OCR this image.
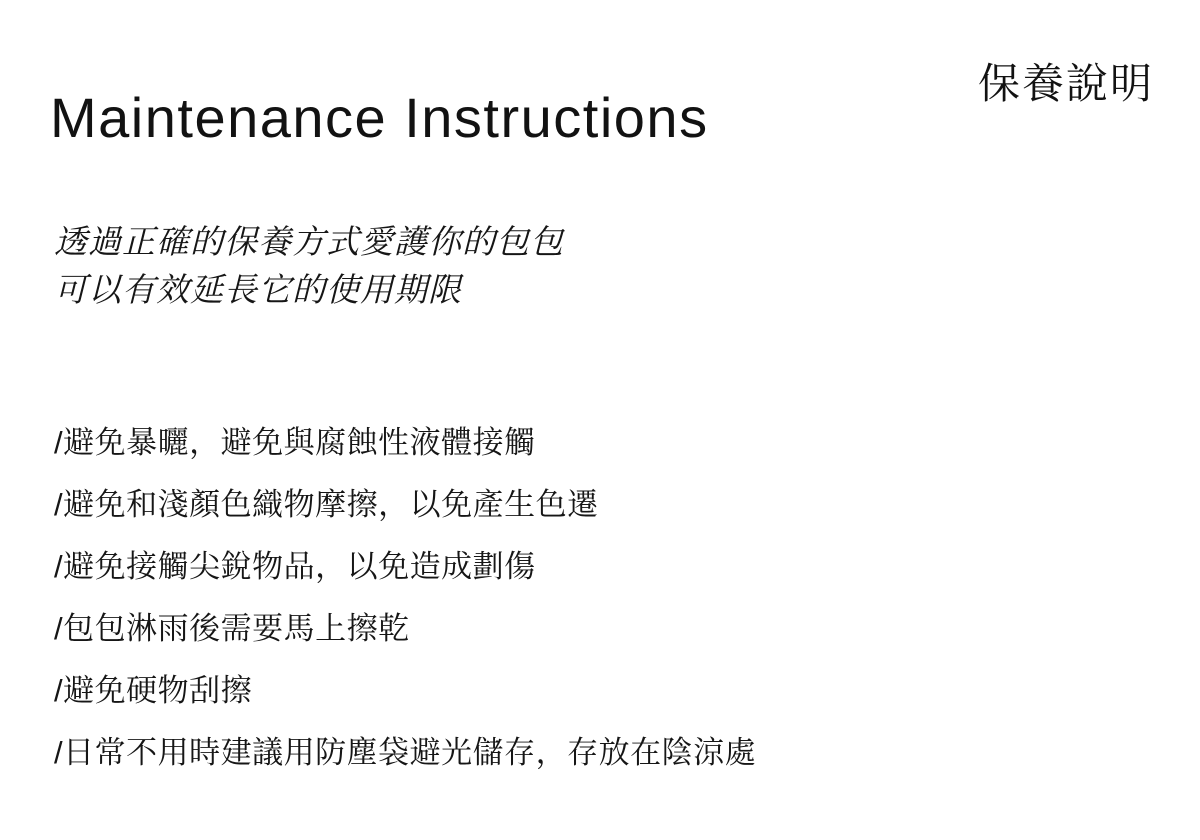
Maintenance Instructions
保養說明
透過正確的保養方式愛護你的包包
可以有效延長它的使用期限
/避免暴曬，避免與腐蝕性液體接觸
/避免和淺顏色織物摩擦，以免產生色遷
/避免接觸尖銳物品，以免造成劃傷
/包包淋雨後需要馬上擦乾
/避免硬物刮擦
/日常不用時建議用防塵袋避光儲存，存放在陰涼處
